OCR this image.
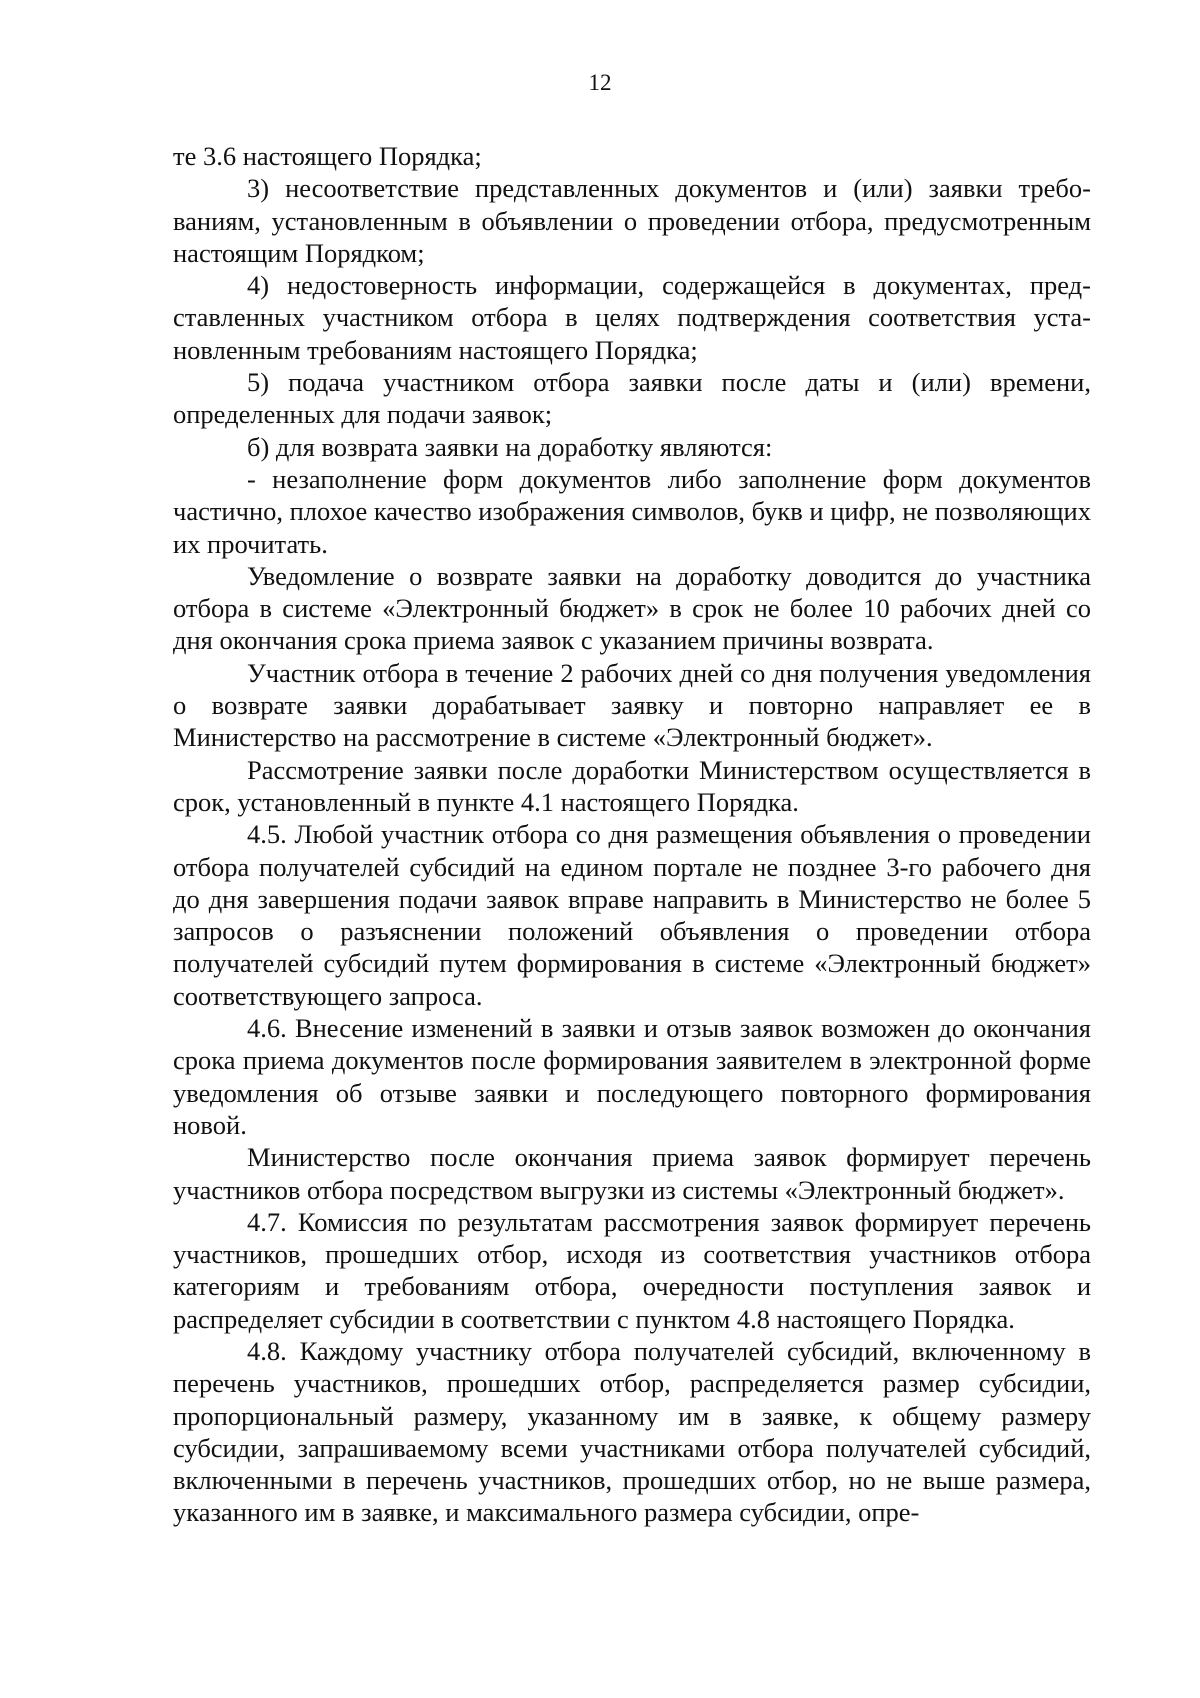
12

те 3.6 настоящего Порядка;

3) несоответствие представленных документов и (или) заявки требованиям, установленным в объявлении о проведении отбора, предусмотренным настоящим Порядком;

4) недостоверность информации, содержащейся в документах, представленных участником отбора в целях подтверждения соответствия установленным требованиям настоящего Порядка;

5) подача участником отбора заявки после даты и (или) времени, определенных для подачи заявок;

б) для возврата заявки на доработку являются:

- незаполнение форм документов либо заполнение форм документов частично, плохое качество изображения символов, букв и цифр, не позволяющих их прочитать.

Уведомление о возврате заявки на доработку доводится до участника отбора в системе «Электронный бюджет» в срок не более 10 рабочих дней со дня окончания срока приема заявок с указанием причины возврата.

Участник отбора в течение 2 рабочих дней со дня получения уведомления о возврате заявки дорабатывает заявку и повторно направляет ее в Министерство на рассмотрение в системе «Электронный бюджет».

Рассмотрение заявки после доработки Министерством осуществляется в срок, установленный в пункте 4.1 настоящего Порядка.

4.5. Любой участник отбора со дня размещения объявления о проведении отбора получателей субсидий на едином портале не позднее 3-го рабочего дня до дня завершения подачи заявок вправе направить в Министерство не более 5 запросов о разъяснении положений объявления о проведении отбора получателей субсидий путем формирования в системе «Электронный бюджет» соответствующего запроса.

4.6. Внесение изменений в заявки и отзыв заявок возможен до окончания срока приема документов после формирования заявителем в электронной форме уведомления об отзыве заявки и последующего повторного формирования новой.

Министерство после окончания приема заявок формирует перечень участников отбора посредством выгрузки из системы «Электронный бюджет».

4.7. Комиссия по результатам рассмотрения заявок формирует перечень участников, прошедших отбор, исходя из соответствия участников отбора категориям и требованиям отбора, очередности поступления заявок и распределяет субсидии в соответствии с пунктом 4.8 настоящего Порядка.

4.8. Каждому участнику отбора получателей субсидий, включенному в перечень участников, прошедших отбор, распределяется размер субсидии, пропорциональный размеру, указанному им в заявке, к общему размеру субсидии, запрашиваемому всеми участниками отбора получателей субсидий, включенными в перечень участников, прошедших отбор, но не выше размера, указанного им в заявке, и максимального размера субсидии, опре-
